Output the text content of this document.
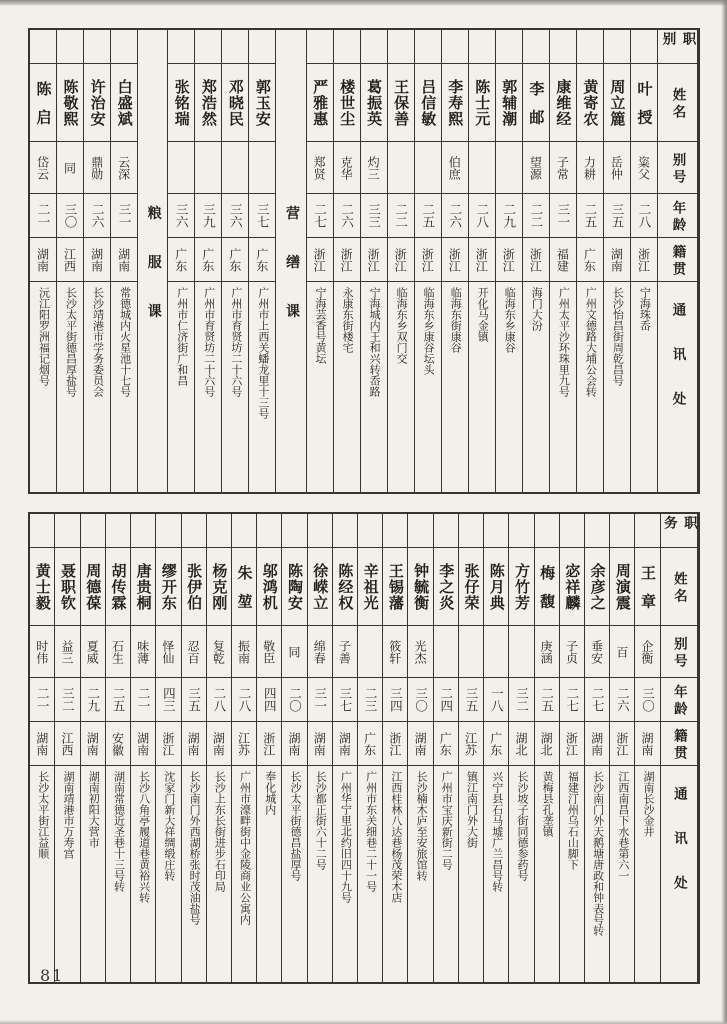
职别
姓名
别号
年龄
籍贯
通讯处
叶授
粢父
二八
浙江
宁海珠岙
周立簏
岳仲
三五
湖南
长沙怡昌街周乾昌号
黄寄农
力耕
二五
广东
广州文德路大埔公会转
康维经
子常
三一
福建
广州太平沙环珠里九号
李邮
望源
二二
浙江
海门大汾
郭辅潮
二九
浙江
临海东乡康谷
陈士元
二八
浙江
开化马金镇
李寿熙
伯庶
二六
浙江
临海东街康谷
吕信敏
二五
浙江
临海东乡康谷坛头
王保善
二二
浙江
临海东乡双门交
葛振英
灼三
三三
浙江
宁海城内王和兴转岙路
楼世尘
克华
二六
浙江
永康东街楼宅
严雅惠
郑贤
二七
浙江
宁海芸香号黄坛
营缮课
郭玉安
三七
广东
广州市上西关蟠龙里十三号
邓晓民
三六
广东
广州市育贤坊二十六号
郑浩然
三九
广东
广州市育贤坊二十六号
张铭瑞
三六
广东
广州市仁济街广和昌
粮服课
白盛斌
云深
三一
湖南
常德城内火星池十七号
许治安
鼎勋
二六
湖南
长沙靖港市学务委员会
陈敬熙
同
三〇
江西
长沙太平街德昌厚盐号
陈启
岱云
二一
湖南
沅江阳罗洲福记烟号
职务
姓名
别号
年龄
籍贯
通讯处
王章
企衡
三〇
湖南
湖南长沙金井
周演震
百
二六
浙江
江西南昌下水巷第六一
余彦之
垂安
二七
湖南
长沙南门外天鹅塘唐政和钟表号转
宓祥麟
子贞
二七
浙江
福建汀州乌石山脚下
梅馥
庚涵
二五
湖北
黄梅县孔垄镇
方竹芳
三二
湖北
长沙坡子街同德参药号
陈月典
一八
广东
兴宁县石马墟广兰昌号转
张仔荣
三五
江苏
镇江南门外大街
李之炎
二四
广东
广州市宝庆新街二号
钟毓衡
光杰
三〇
湖南
长沙楠木庐至安旅馆转
王锡藩
筱轩
三四
浙江
江西桂林八达巷杨茂荣木店
辛祖光
二三
广东
广州市东关细巷二十一号
陈经权
子善
三七
湖南
广州华宁里北约旧四十九号
徐嵘立
绵春
三一
湖南
长沙都正街六十二号
陈陶安
同
二〇
湖南
长沙太平街德昌盐厚号
邬鸿机
敬臣
四四
浙江
奉化城内
朱堃
振南
二八
江苏
广州市濠畔街中金陵商业公寓内
杨克刚
复乾
二八
湖南
长沙上东长街进步石印局
张伊伯
忍百
三五
湖南
长沙南门外西湖桥张时茂油盐号
缪开东
怿仙
四三
浙江
沈家门新大祥绸缎庄转
唐贵桐
味薄
二一
湖南
长沙八角亭履道巷黄裕兴转
胡传霖
石生
二五
安徽
湖南常德近圣巷十三号转
周德葆
夏威
二九
湖南
湖南初阳大营市
聂职钦
益三
三二
江西
湖南靖港市万寿宫
黄士毅
时伟
二一
湖南
长沙太平街江益顺
81
